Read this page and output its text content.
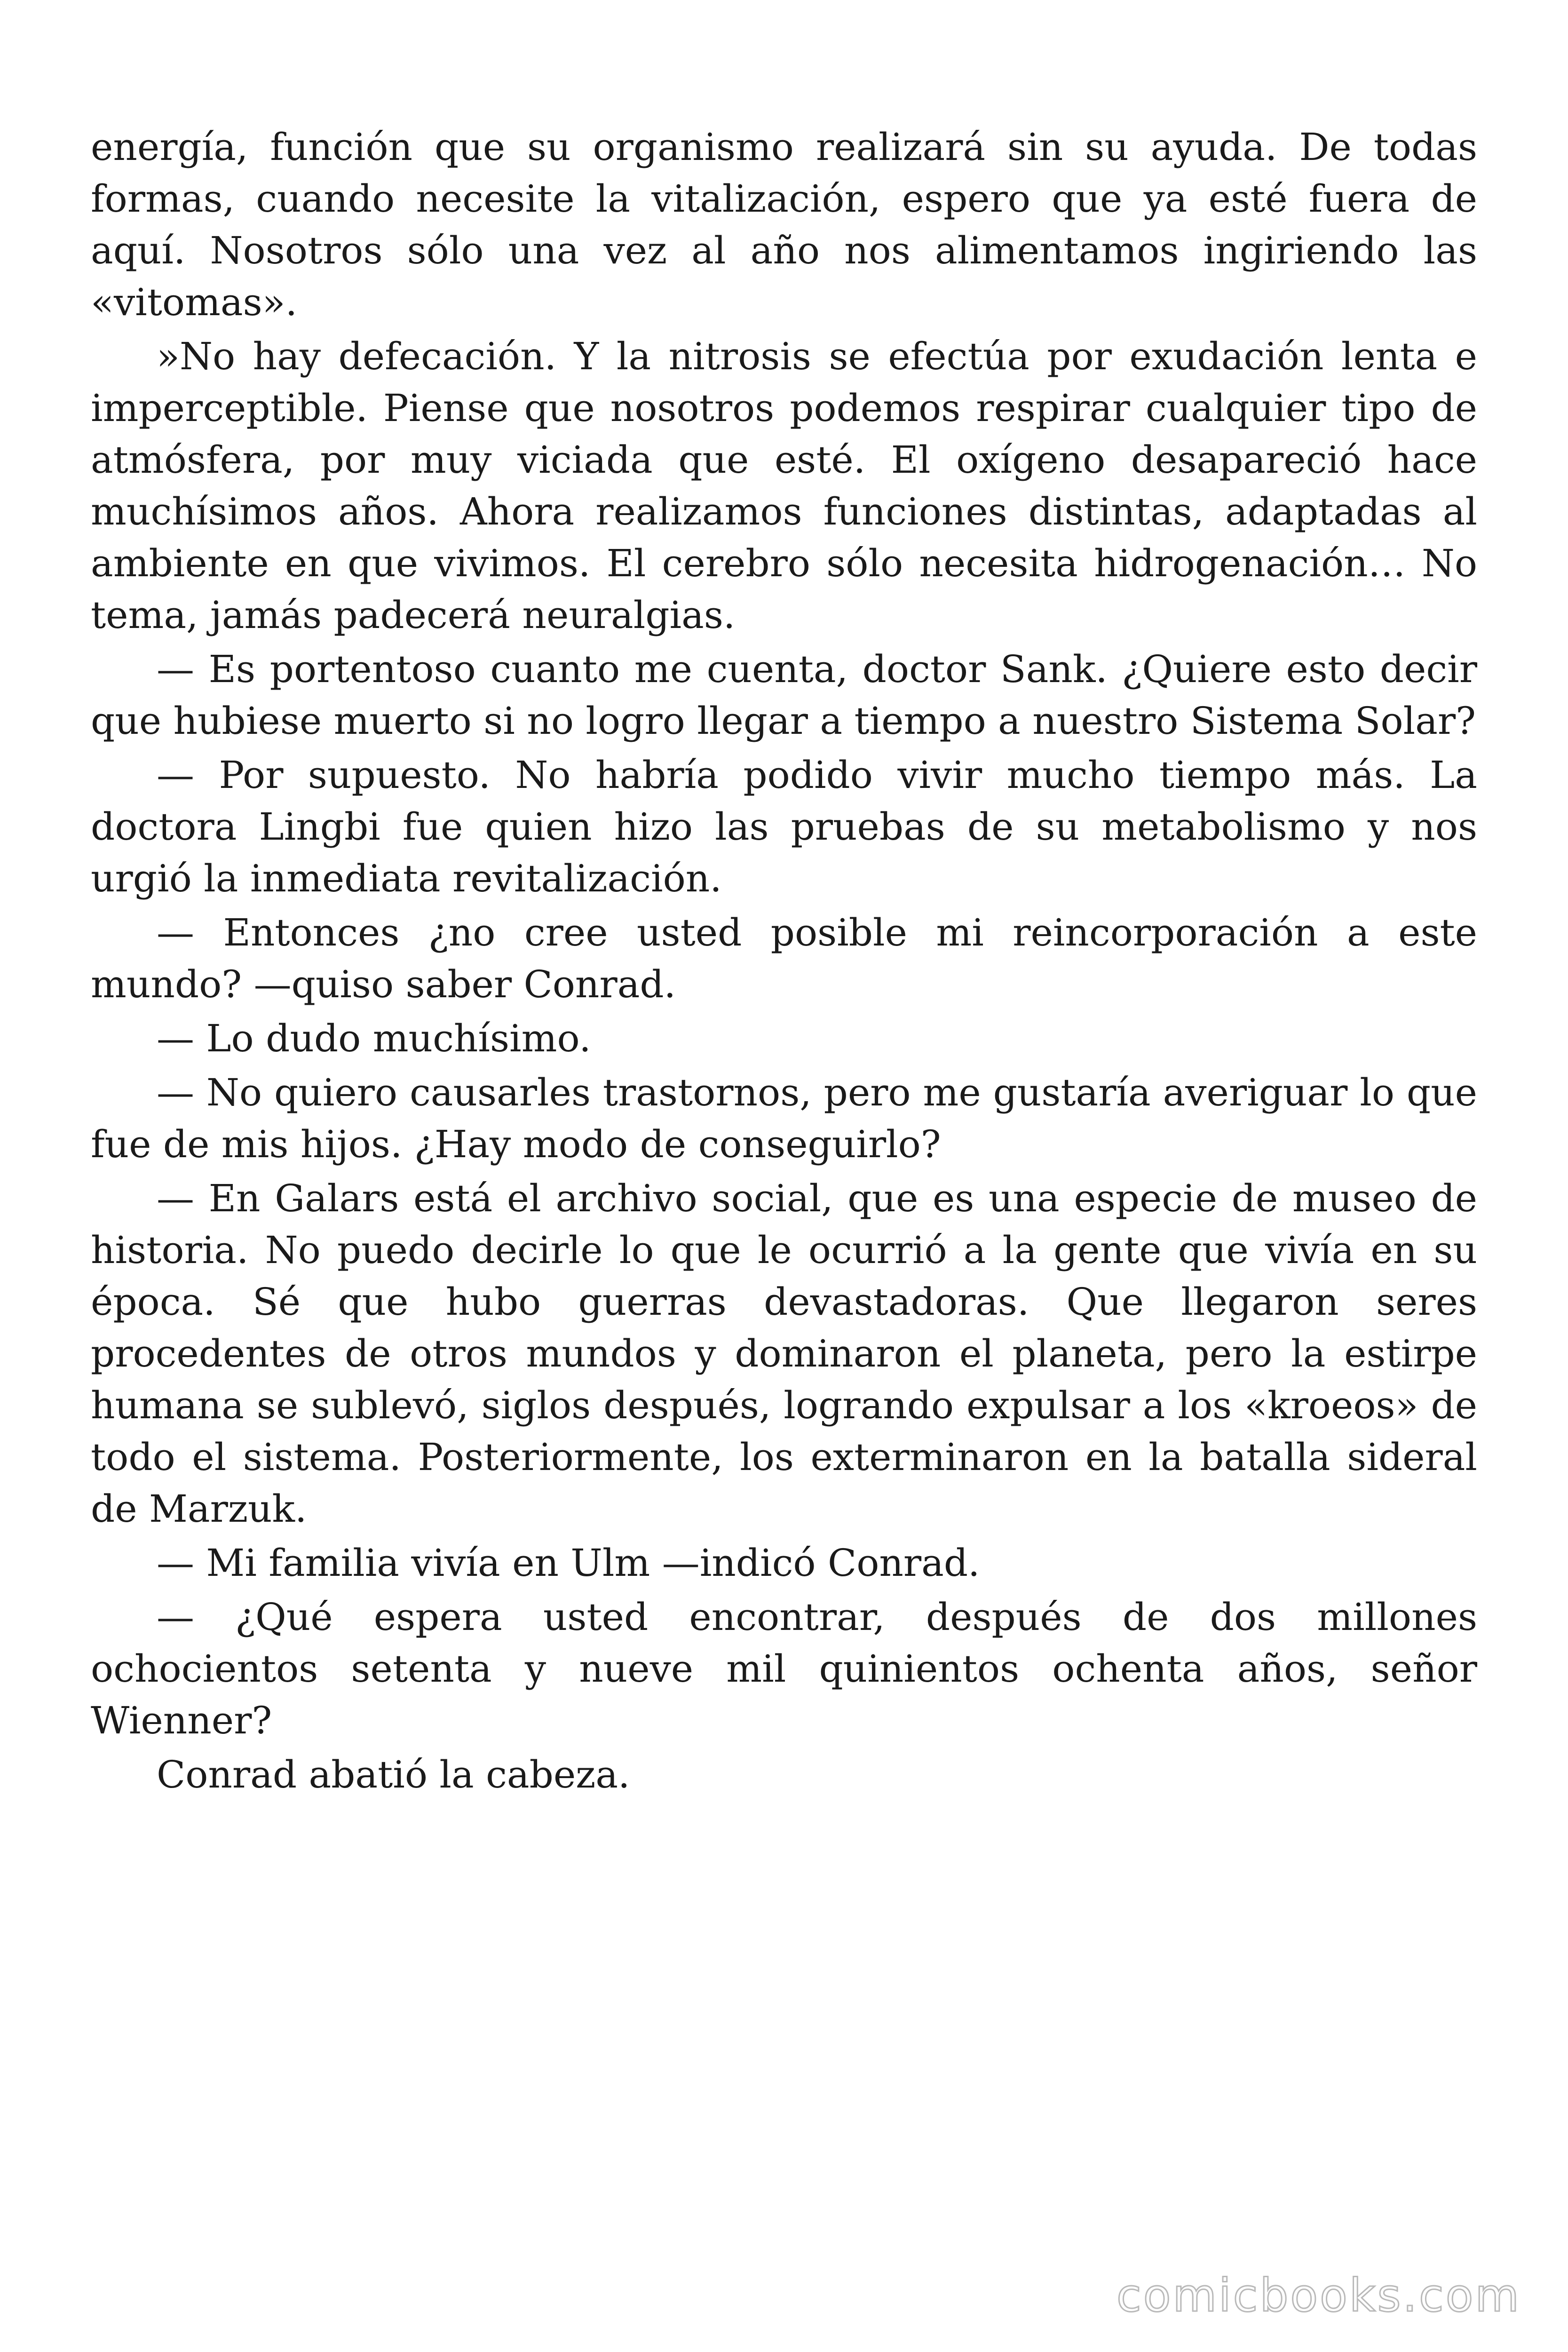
energía, función que su organismo realizará sin su ayuda. De todas formas, cuando necesite la vitalización, espero que ya esté fuera de aquí. Nosotros sólo una vez al año nos alimentamos ingiriendo las «vitomas».

»No hay defecación. Y la nitrosis se efectúa por exudación lenta e imperceptible. Piense que nosotros podemos respirar cualquier tipo de atmósfera, por muy viciada que esté. El oxígeno desapareció hace muchísimos años. Ahora realizamos funciones distintas, adaptadas al ambiente en que vivimos. El cerebro sólo necesita hidrogenación… No tema, jamás padecerá neuralgias.

— Es portentoso cuanto me cuenta, doctor Sank. ¿Quiere esto decir que hubiese muerto si no logro llegar a tiempo a nuestro Sistema Solar?

— Por supuesto. No habría podido vivir mucho tiempo más. La doctora Lingbi fue quien hizo las pruebas de su metabolismo y nos urgió la inmediata revitalización.

— Entonces ¿no cree usted posible mi reincorporación a este mundo? —quiso saber Conrad.

— Lo dudo muchísimo.

— No quiero causarles trastornos, pero me gustaría averiguar lo que fue de mis hijos. ¿Hay modo de conseguirlo?

— En Galars está el archivo social, que es una especie de museo de historia. No puedo decirle lo que le ocurrió a la gente que vivía en su época. Sé que hubo guerras devastadoras. Que llegaron seres procedentes de otros mundos y dominaron el planeta, pero la estirpe humana se sublevó, siglos después, logrando expulsar a los «kroeos» de todo el sistema. Posteriormente, los exterminaron en la batalla sideral de Marzuk.

— Mi familia vivía en Ulm —indicó Conrad.

— ¿Qué espera usted encontrar, después de dos millones ochocientos setenta y nueve mil quinientos ochenta años, señor Wienner?

Conrad abatió la cabeza.

comicbooks.com
